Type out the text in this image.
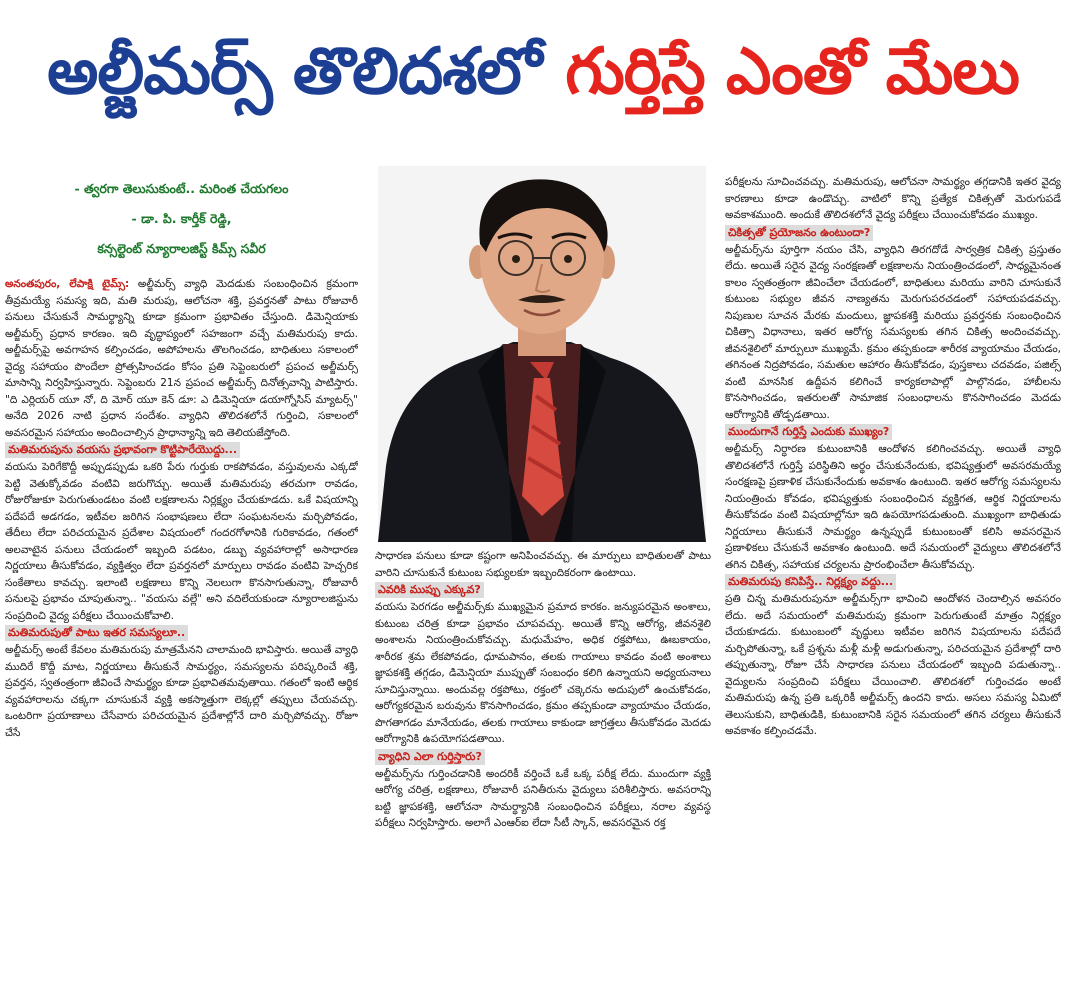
అల్జీమర్స్ తొలిదశలో గుర్తిస్తే ఎంతో మేలు
- త్వరగా తెలుసుకుంటే.. మరింత చేయగలం
- డా. పి. కార్తీక్ రెడ్డి,
కన్సల్టెంట్ న్యూరాలజిస్ట్ కిమ్స్ సవీర

అనంతపురం, లేపాక్షి టైమ్స్: అల్జీమర్స్ వ్యాధి మెదడుకు సంబంధించిన క్రమంగా తీవ్రమయ్యే సమస్య ఇది, మతి మరుపు, ఆలోచనా శక్తి, ప్రవర్తనతో పాటు రోజువారీ పనులు చేసుకునే సామర్థ్యాన్ని కూడా క్రమంగా ప్రభావితం చేస్తుంది. డిమెన్షియాకు అల్జీమర్స్ ప్రధాన కారణం. ఇది వృద్ధాప్యంలో సహజంగా వచ్చే మతిమరుపు కాదు. అల్జీమర్స్‌పై అవగాహన కల్పించడం, అపోహలను తొలగించడం, బాధితులు సకాలంలో వైద్య సహాయం పొందేలా ప్రోత్సహించడం కోసం ప్రతి సెప్టెంబరులో ప్రపంచ అల్జీమర్స్ మాసాన్ని నిర్వహిస్తున్నారు. సెప్టెంబరు 21న ప్రపంచ అల్జీమర్స్ దినోత్సవాన్ని పాటిస్తారు. "ది ఎర్లియర్ యూ నో, ది మోర్ యూ కెన్ డూ: ఎ డిమెన్షియా డయాగ్నోసిస్ మ్యాటర్స్" అనేది 2026 నాటి ప్రధాన సందేశం. వ్యాధిని తొలిదశలోనే గుర్తించి, సకాలంలో అవసరమైన సహాయం అందించాల్సిన ప్రాధాన్యాన్ని ఇది తెలియజేస్తోంది.

మతిమరుపును వయసు ప్రభావంగా కొట్టిపారేయొద్దు...

వయసు పెరిగేకొద్దీ అప్పుడప్పుడు ఒకరి పేరు గుర్తుకు రాకపోవడం, వస్తువులను ఎక్కడో పెట్టి వెతుక్కోవడం వంటివి జరుగొచ్చు. అయితే మతిమరుపు తరచుగా రావడం, రోజురోజుకూ పెరుగుతుండటం వంటి లక్షణాలను నిర్లక్ష్యం చేయకూడదు. ఒకే విషయాన్ని పదేపదే అడగడం, ఇటీవల జరిగిన సంభాషణలు లేదా సంఘటనలను మర్చిపోవడం, తేదీలు లేదా పరిచయమైన ప్రదేశాల విషయంలో గందరగోళానికి గురికావడం, గతంలో అలవాటైన పనులు చేయడంలో ఇబ్బంది పడటం, డబ్బు వ్యవహారాల్లో అసాధారణ నిర్ణయాలు తీసుకోవడం, వ్యక్తిత్వం లేదా ప్రవర్తనలో మార్పులు రావడం వంటివి హెచ్చరిక సంకేతాలు కావచ్చు. ఇలాంటి లక్షణాలు కొన్ని నెలలుగా కొనసాగుతున్నా, రోజువారీ పనులపై ప్రభావం చూపుతున్నా.. "వయసు వల్లే" అని వదిలేయకుండా న్యూరాలజిస్టును సంప్రదించి వైద్య పరీక్షలు చేయించుకోవాలి.

మతిమరుపుతో పాటు ఇతర సమస్యలూ..

అల్జీమర్స్ అంటే కేవలం మతిమరుపు మాత్రమేనని చాలామంది భావిస్తారు. అయితే వ్యాధి ముదిరే కొద్దీ మాట, నిర్ణయాలు తీసుకునే సామర్థ్యం, సమస్యలను పరిష్కరించే శక్తి, ప్రవర్తన, స్వతంత్రంగా జీవించే సామర్థ్యం కూడా ప్రభావితమవుతాయి. గతంలో ఇంటి ఆర్థిక వ్యవహారాలను చక్కగా చూసుకునే వ్యక్తి అకస్మాత్తుగా లెక్కల్లో తప్పులు చేయవచ్చు. ఒంటరిగా ప్రయాణాలు చేసేవారు పరిచయమైన ప్రదేశాల్లోనే దారి మర్చిపోవచ్చు. రోజూ చేసే

సాధారణ పనులు కూడా కష్టంగా అనిపించవచ్చు. ఈ మార్పులు బాధితులతో పాటు వారిని చూసుకునే కుటుంబ సభ్యులకూ ఇబ్బందికరంగా ఉంటాయి.

ఎవరికి ముప్పు ఎక్కువ?

వయసు పెరగడం అల్జీమర్స్‌కు ముఖ్యమైన ప్రమాద కారకం. జన్యుపరమైన అంశాలు, కుటుంబ చరిత్ర కూడా ప్రభావం చూపవచ్చు. అయితే కొన్ని ఆరోగ్య, జీవనశైలి అంశాలను నియంత్రించుకోవచ్చు. మధుమేహం, అధిక రక్తపోటు, ఊబకాయం, శారీరక శ్రమ లేకపోవడం, ధూమపానం, తలకు గాయాలు కావడం వంటి అంశాలు జ్ఞాపకశక్తి తగ్గడం, డిమెన్షియా ముప్పుతో సంబంధం కలిగి ఉన్నాయని అధ్యయనాలు సూచిస్తున్నాయి. అందువల్ల రక్తపోటు, రక్తంలో చక్కెరను అదుపులో ఉంచుకోవడం, ఆరోగ్యకరమైన బరువును కొనసాగించడం, క్రమం తప్పకుండా వ్యాయామం చేయడం, పొగతాగడం మానేయడం, తలకు గాయాలు కాకుండా జాగ్రత్తలు తీసుకోవడం మెదడు ఆరోగ్యానికి ఉపయోగపడతాయి.

వ్యాధిని ఎలా గుర్తిస్తారు?

అల్జీమర్స్‌ను గుర్తించడానికి అందరికీ వర్తించే ఒకే ఒక్క పరీక్ష లేదు. ముందుగా వ్యక్తి ఆరోగ్య చరిత్ర, లక్షణాలు, రోజువారీ పనితీరును వైద్యులు పరిశీలిస్తారు. అవసరాన్ని బట్టి జ్ఞాపకశక్తి, ఆలోచనా సామర్థ్యానికి సంబంధించిన పరీక్షలు, నరాల వ్యవస్థ పరీక్షలు నిర్వహిస్తారు. అలాగే ఎంఆర్ఐ లేదా సీటీ స్కాన్, అవసరమైన రక్త

పరీక్షలను సూచించవచ్చు. మతిమరుపు, ఆలోచనా సామర్థ్యం తగ్గడానికి ఇతర వైద్య కారణాలు కూడా ఉండొచ్చు. వాటిలో కొన్ని ప్రత్యేక చికిత్సతో మెరుగుపడే అవకాశముంది. అందుకే తొలిదశలోనే వైద్య పరీక్షలు చేయించుకోవడం ముఖ్యం.

చికిత్సతో ప్రయోజనం ఉంటుందా?

అల్జీమర్స్‌ను పూర్తిగా నయం చేసి, వ్యాధిని తిరగదోడే సార్వత్రిక చికిత్స ప్రస్తుతం లేదు. అయితే సరైన వైద్య సంరక్షణతో లక్షణాలను నియంత్రించడంలో, సాధ్యమైనంత కాలం స్వతంత్రంగా జీవించేలా చేయడంలో, బాధితులు మరియు వారిని చూసుకునే కుటుంబ సభ్యుల జీవన నాణ్యతను మెరుగుపరచడంలో సహాయపడవచ్చు. నిపుణుల సూచన మేరకు మందులు, జ్ఞాపకశక్తి మరియు ప్రవర్తనకు సంబంధించిన చికిత్సా విధానాలు, ఇతర ఆరోగ్య సమస్యలకు తగిన చికిత్స అందించవచ్చు. జీవనశైలిలో మార్పులూ ముఖ్యమే. క్రమం తప్పకుండా శారీరక వ్యాయామం చేయడం, తగినంత నిద్రపోవడం, సమతుల ఆహారం తీసుకోవడం, పుస్తకాలు చదవడం, పజిల్స్ వంటి మానసిక ఉద్దీపన కలిగించే కార్యకలాపాల్లో పాల్గొనడం, హాబీలను కొనసాగించడం, ఇతరులతో సామాజిక సంబంధాలను కొనసాగించడం మెదడు ఆరోగ్యానికి తోడ్పడతాయి.

ముందుగానే గుర్తిస్తే ఎందుకు ముఖ్యం?

అల్జీమర్స్ నిర్ధారణ కుటుంబానికి ఆందోళన కలిగించవచ్చు. అయితే వ్యాధి తొలిదశలోనే గుర్తిస్తే పరిస్థితిని అర్థం చేసుకునేందుకు, భవిష్యత్తులో అవసరమయ్యే సంరక్షణపై ప్రణాళిక చేసుకునేందుకు అవకాశం ఉంటుంది. ఇతర ఆరోగ్య సమస్యలను నియంత్రించు కోవడం, భవిష్యత్తుకు సంబంధించిన వ్యక్తిగత, ఆర్థిక నిర్ణయాలను తీసుకోవడం వంటి విషయాల్లోనూ ఇది ఉపయోగపడుతుంది. ముఖ్యంగా బాధితుడు నిర్ణయాలు తీసుకునే సామర్థ్యం ఉన్నప్పుడే కుటుంబంతో కలిసి అవసరమైన ప్రణాళికలు చేసుకునే అవకాశం ఉంటుంది. అదే సమయంలో వైద్యులు తొలిదశలోనే తగిన చికిత్స, సహాయక చర్యలను ప్రారంభించేలా తీసుకోవచ్చు.

మతిమరుపు కనిపిస్తే.. నిర్లక్ష్యం వద్దు...

ప్రతి చిన్న మతిమరుపునూ అల్జీమర్స్‌గా భావించి ఆందోళన చెందాల్సిన అవసరం లేదు. అదే సమయంలో మతిమరుపు క్రమంగా పెరుగుతుంటే మాత్రం నిర్లక్ష్యం చేయకూడదు. కుటుంబంలో వృద్ధులు ఇటీవల జరిగిన విషయాలను పదేపదే మర్చిపోతున్నా, ఒకే ప్రశ్నను మళ్లీ మళ్లీ అడుగుతున్నా, పరిచయమైన ప్రదేశాల్లో దారి తప్పుతున్నా, రోజూ చేసే సాధారణ పనులు చేయడంలో ఇబ్బంది పడుతున్నా.. వైద్యులను సంప్రదించి పరీక్షలు చేయించాలి. తొలిదశలో గుర్తించడం అంటే మతిమరుపు ఉన్న ప్రతి ఒక్కరికీ అల్జీమర్స్ ఉందని కాదు. అసలు సమస్య ఏమిటో తెలుసుకుని, బాధితుడికి, కుటుంబానికి సరైన సమయంలో తగిన చర్యలు తీసుకునే అవకాశం కల్పించడమే.
